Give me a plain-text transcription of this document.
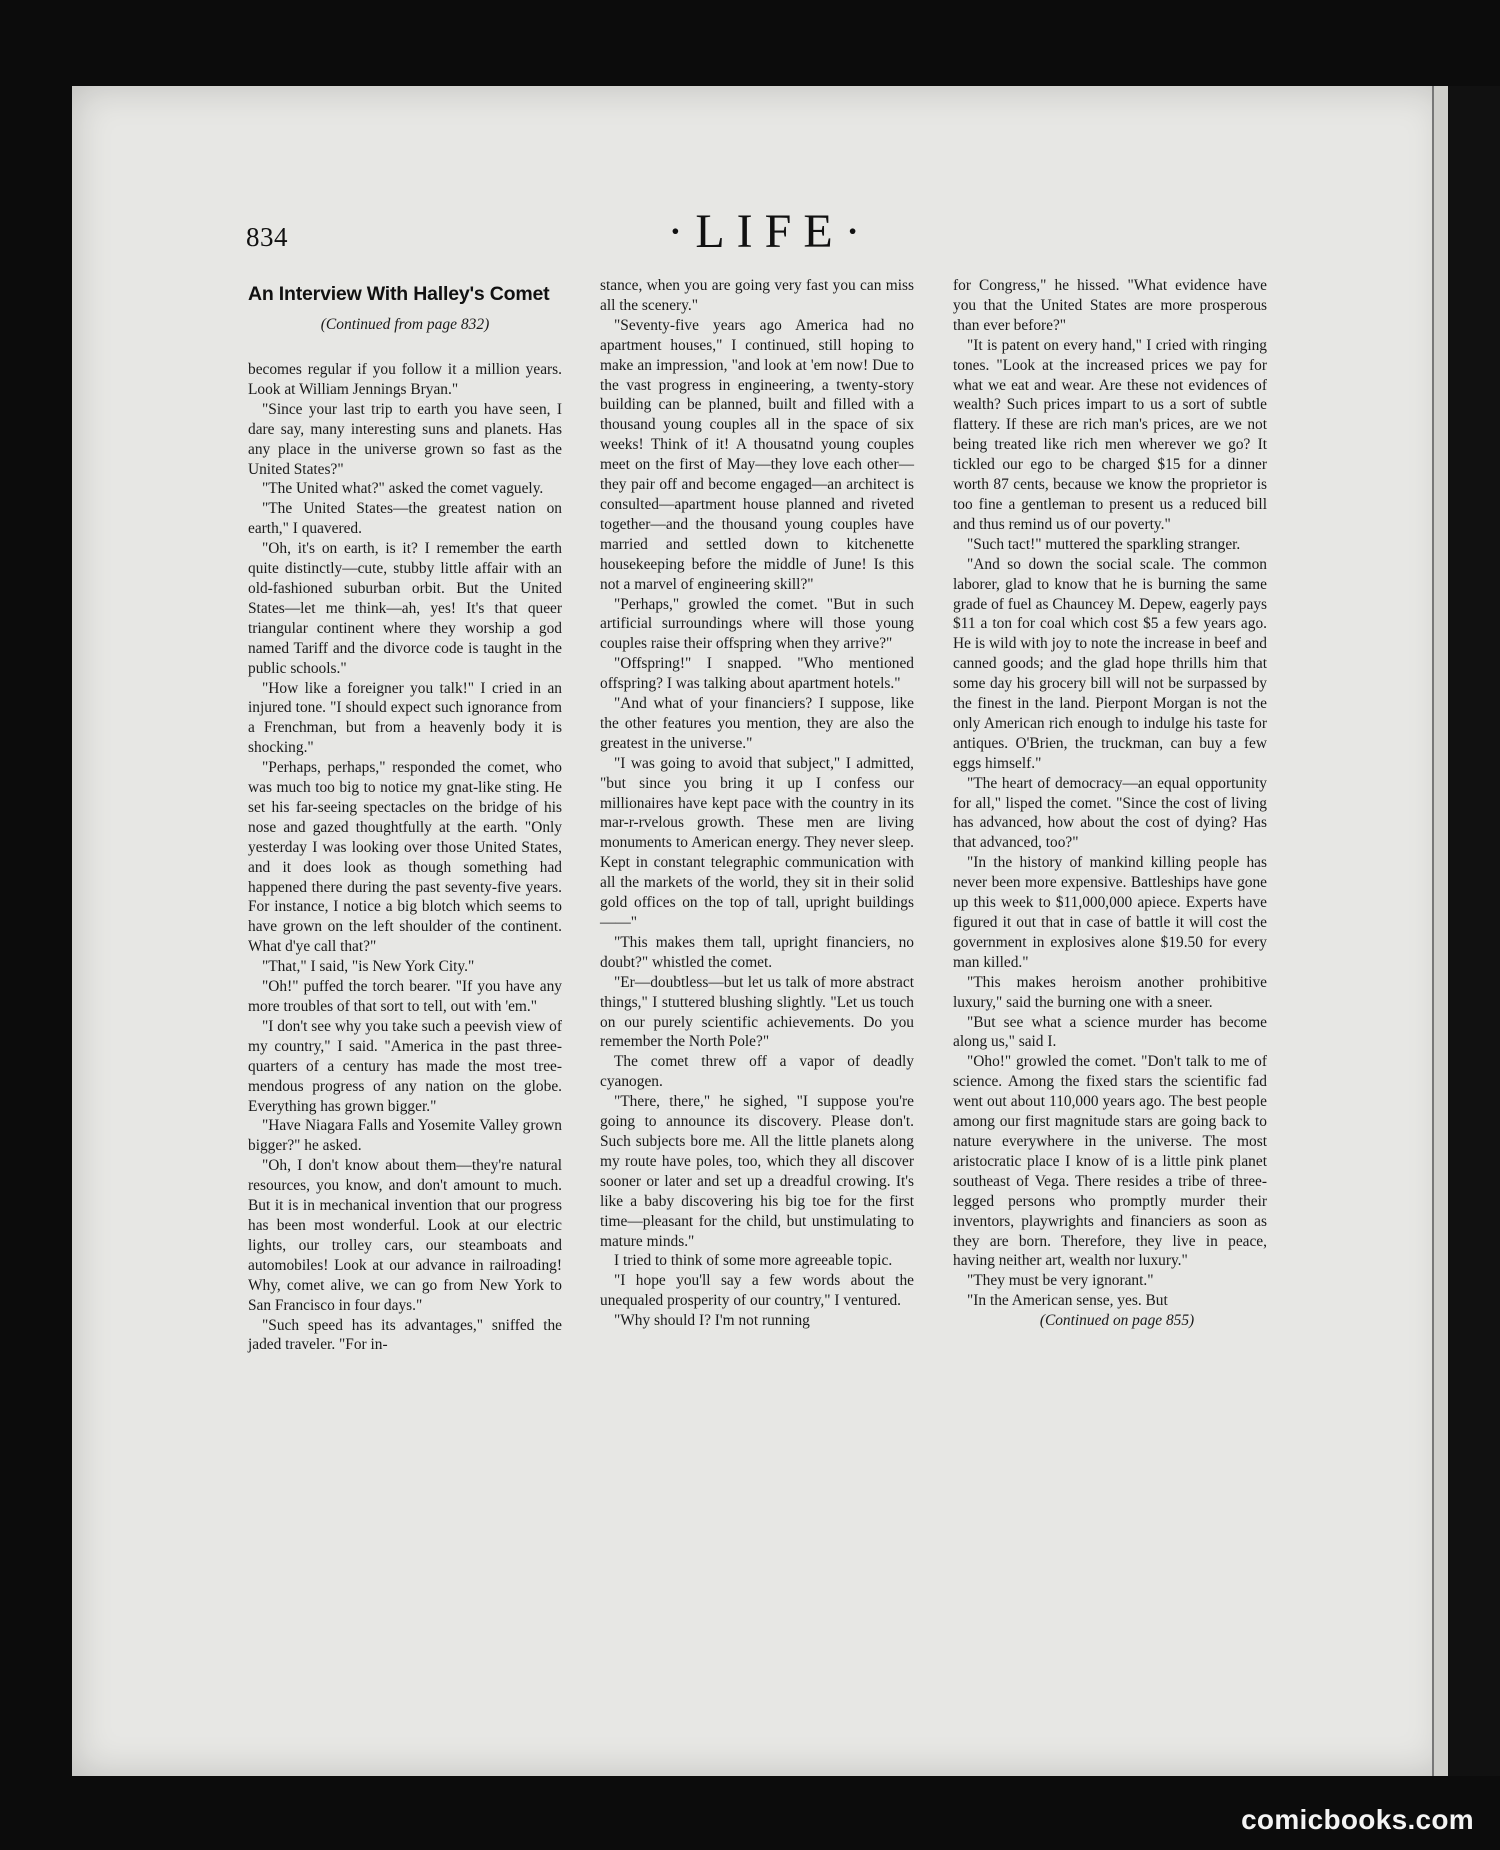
834	·LIFE·
An Interview With Halley's Comet
(Continued from page 832)

becomes regular if you follow it a million years. Look at William Jennings Bryan."

"Since your last trip to earth you have seen, I dare say, many interesting suns and planets. Has any place in the universe grown so fast as the United States?"

"The United what?" asked the comet vaguely.

"The United States—the greatest nation on earth," I quavered.

"Oh, it's on earth, is it? I remember the earth quite distinctly—cute, stubby little affair with an old-fashioned suburban orbit. But the United States—let me think—ah, yes! It's that queer triangular continent where they worship a god named Tariff and the divorce code is taught in the public schools."

"How like a foreigner you talk!" I cried in an injured tone. "I should expect such ignorance from a Frenchman, but from a heavenly body it is shocking."

"Perhaps, perhaps," responded the comet, who was much too big to notice my gnat-like sting. He set his far-seeing spectacles on the bridge of his nose and gazed thoughtfully at the earth. "Only yesterday I was looking over those United States, and it does look as though something had happened there during the past seventy-five years. For instance, I notice a big blotch which seems to have grown on the left shoulder of the continent. What d'ye call that?"

"That," I said, "is New York City."

"Oh!" puffed the torch bearer. "If you have any more troubles of that sort to tell, out with 'em."

"I don't see why you take such a peevish view of my country," I said. "America in the past three-quarters of a century has made the most tree-mendous progress of any nation on the globe. Everything has grown bigger."

"Have Niagara Falls and Yosemite Valley grown bigger?" he asked.

"Oh, I don't know about them—they're natural resources, you know, and don't amount to much. But it is in mechanical invention that our progress has been most wonderful. Look at our electric lights, our trolley cars, our steamboats and automobiles! Look at our advance in railroading! Why, comet alive, we can go from New York to San Francisco in four days."

"Such speed has its advantages," sniffed the jaded traveler. "For in-

stance, when you are going very fast you can miss all the scenery."

"Seventy-five years ago America had no apartment houses," I continued, still hoping to make an impression, "and look at 'em now! Due to the vast progress in engineering, a twenty-story building can be planned, built and filled with a thousand young couples all in the space of six weeks! Think of it! A thousatnd young couples meet on the first of May—they love each other—they pair off and become engaged—an architect is consulted—apartment house planned and riveted together—and the thousand young couples have married and settled down to kitchenette housekeeping before the middle of June! Is this not a marvel of engineering skill?"

"Perhaps," growled the comet. "But in such artificial surroundings where will those young couples raise their offspring when they arrive?"

"Offspring!" I snapped. "Who mentioned offspring? I was talking about apartment hotels."

"And what of your financiers? I suppose, like the other features you mention, they are also the greatest in the universe."

"I was going to avoid that subject," I admitted, "but since you bring it up I confess our millionaires have kept pace with the country in its mar-r-rvelous growth. These men are living monuments to American energy. They never sleep. Kept in constant telegraphic communication with all the markets of the world, they sit in their solid gold offices on the top of tall, upright buildings——"

"This makes them tall, upright financiers, no doubt?" whistled the comet.

"Er—doubtless—but let us talk of more abstract things," I stuttered blushing slightly. "Let us touch on our purely scientific achievements. Do you remember the North Pole?"

The comet threw off a vapor of deadly cyanogen.

"There, there," he sighed, "I suppose you're going to announce its discovery. Please don't. Such subjects bore me. All the little planets along my route have poles, too, which they all discover sooner or later and set up a dreadful crowing. It's like a baby discovering his big toe for the first time—pleasant for the child, but unstimulating to mature minds."

I tried to think of some more agreeable topic.

"I hope you'll say a few words about the unequaled prosperity of our country," I ventured.

"Why should I? I'm not running

for Congress," he hissed. "What evidence have you that the United States are more prosperous than ever before?"

"It is patent on every hand," I cried with ringing tones. "Look at the increased prices we pay for what we eat and wear. Are these not evidences of wealth? Such prices impart to us a sort of subtle flattery. If these are rich man's prices, are we not being treated like rich men wherever we go? It tickled our ego to be charged $15 for a dinner worth 87 cents, because we know the proprietor is too fine a gentleman to present us a reduced bill and thus remind us of our poverty."

"Such tact!" muttered the sparkling stranger.

"And so down the social scale. The common laborer, glad to know that he is burning the same grade of fuel as Chauncey M. Depew, eagerly pays $11 a ton for coal which cost $5 a few years ago. He is wild with joy to note the increase in beef and canned goods; and the glad hope thrills him that some day his grocery bill will not be surpassed by the finest in the land. Pierpont Morgan is not the only American rich enough to indulge his taste for antiques. O'Brien, the truckman, can buy a few eggs himself."

"The heart of democracy—an equal opportunity for all," lisped the comet. "Since the cost of living has advanced, how about the cost of dying? Has that advanced, too?"

"In the history of mankind killing people has never been more expensive. Battleships have gone up this week to $11,000,000 apiece. Experts have figured it out that in case of battle it will cost the government in explosives alone $19.50 for every man killed."

"This makes heroism another prohibitive luxury," said the burning one with a sneer.

"But see what a science murder has become along us," said I.

"Oho!" growled the comet. "Don't talk to me of science. Among the fixed stars the scientific fad went out about 110,000 years ago. The best people among our first magnitude stars are going back to nature everywhere in the universe. The most aristocratic place I know of is a little pink planet southeast of Vega. There resides a tribe of three-legged persons who promptly murder their inventors, playwrights and financiers as soon as they are born. Therefore, they live in peace, having neither art, wealth nor luxury."

"They must be very ignorant."

"In the American sense, yes. But

(Continued on page 855)

comicbooks.com
